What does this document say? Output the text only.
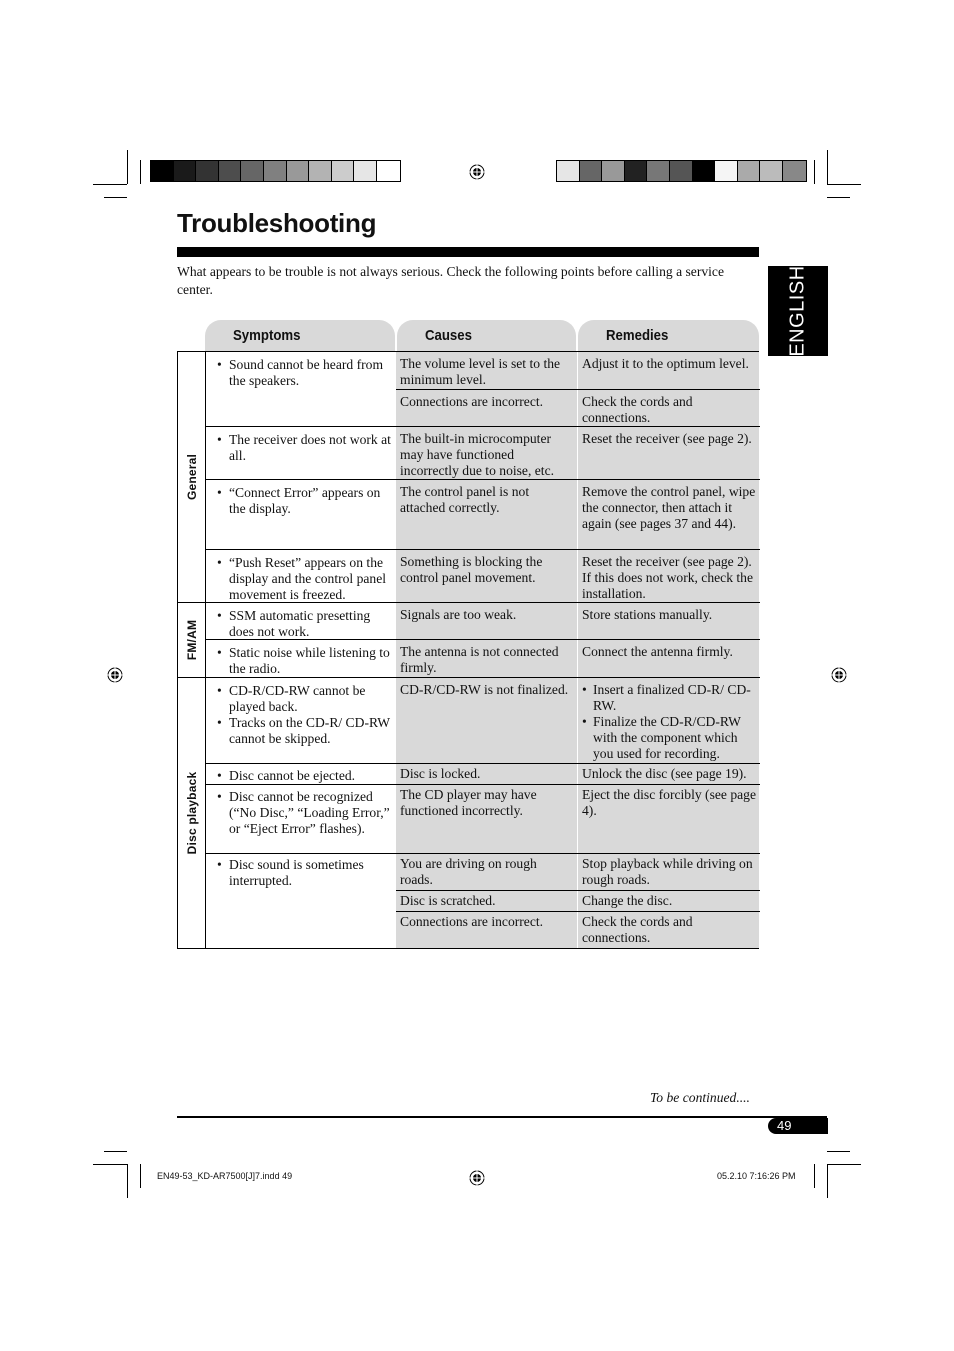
Troubleshooting

What appears to be trouble is not always serious. Check the following points before calling a service center.	ENGLISH
Symptoms	Causes	Remedies
General
FM/AM
Disc playback
• Sound cannot be heard from the speakers.
The volume level is set to the minimum level.
Adjust it to the optimum level.
Connections are incorrect.	Check the cords and connections.
• The receiver does not work at all.
The built-in microcomputer may have functioned incorrectly due to noise, etc.
Reset the receiver (see page 2).
• “Connect Error” appears on the display.
The control panel is not attached correctly.
Remove the control panel, wipe the connector, then attach it again (see pages 37 and 44).
• “Push Reset” appears on the display and the control panel movement is freezed.
Something is blocking the control panel movement.
Reset the receiver (see page 2). If this does not work, check the installation.
• SSM automatic presetting does not work.
Signals are too weak.	Store stations manually.
• Static noise while listening to the radio.
The antenna is not connected firmly.
Connect the antenna firmly.
• CD-R/CD-RW cannot be played back.
• Tracks on the CD-R/ CD-RW cannot be skipped.
CD-R/CD-RW is not finalized.
•	Insert a finalized CD-R/ CD-RW.
• Finalize the CD-R/CD-RW with the component which you used for recording.
• Disc cannot be ejected.	Disc is locked.	Unlock the disc (see page 19).
• Disc cannot be recognized (“No Disc,” “Loading Error,” or “Eject Error” flashes).
The CD player may have functioned incorrectly.
Eject the disc forcibly (see page 4).
• Disc sound is sometimes interrupted.
You are driving on rough roads.
Stop playback while driving on rough roads.
Disc is scratched.	Change the disc.
Connections are incorrect.	Check the cords and connections.
To be continued....
49
EN49-53_KD-AR7500[J]7.indd 49	05.2.10 7:16:26 PM
